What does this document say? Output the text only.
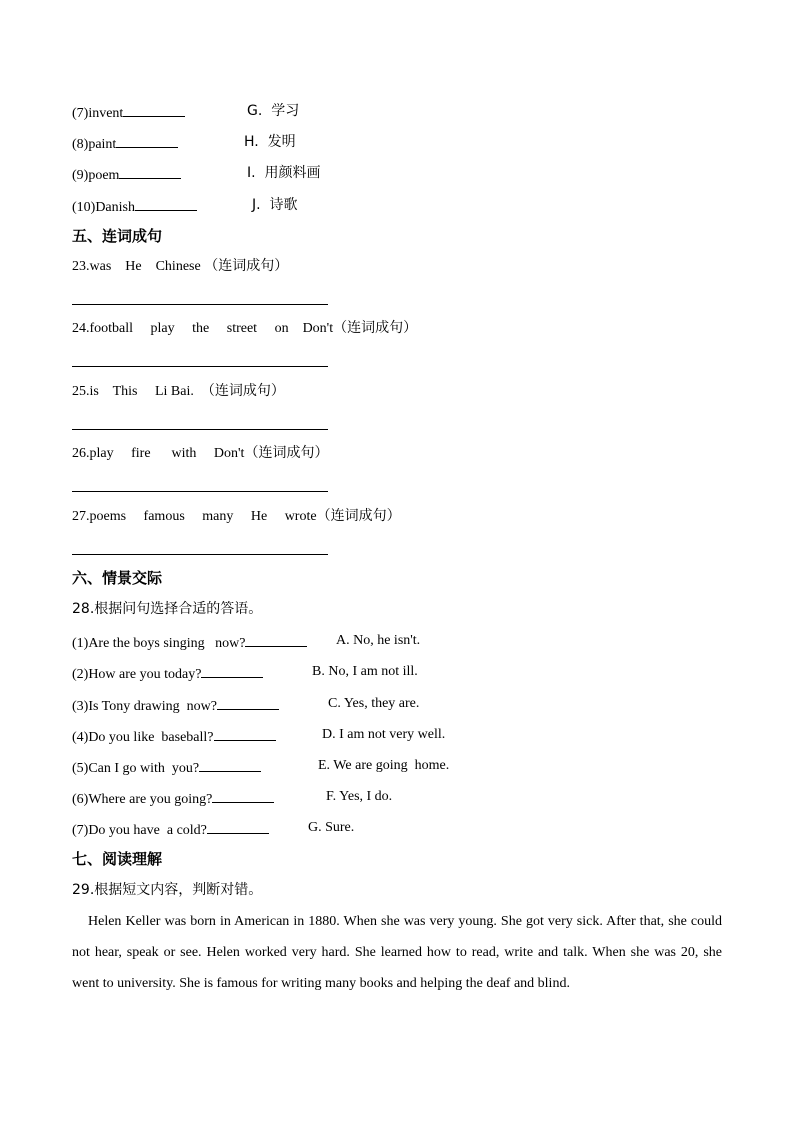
(7)invent	G.  学习
(8)paint	H.  发明
(9)poem	I.  用颜料画
(10)Danish	J.  诗歌
五、连词成句
23.was    He    Chinese （连词成句）
24.football     play     the     street     on    Don't（连词成句）
25.is    This     Li Bai.  （连词成句）
26.play     fire      with     Don't（连词成句）
27.poems     famous     many     He     wrote（连词成句）
六、情景交际
28.根据问句选择合适的答语。
(1)Are the boys singing   now?	A. No, he isn't.
(2)How are you today?	B. No, I am not ill.
(3)Is Tony drawing  now?	C. Yes, they are.
(4)Do you like  baseball?	D. I am not very well.
(5)Can I go with  you?	E. We are going  home.
(6)Where are you going?	F. Yes, I do.
(7)Do you have  a cold?	G. Sure.
七、阅读理解
29.根据短文内容，判断对错。
Helen Keller was born in American in 1880. When she was very young. She got very sick. After that, she could not hear, speak or see. Helen worked very hard. She learned how to read, write and talk. When she was 20, she went to university. She is famous for writing many books and helping the deaf and blind.
